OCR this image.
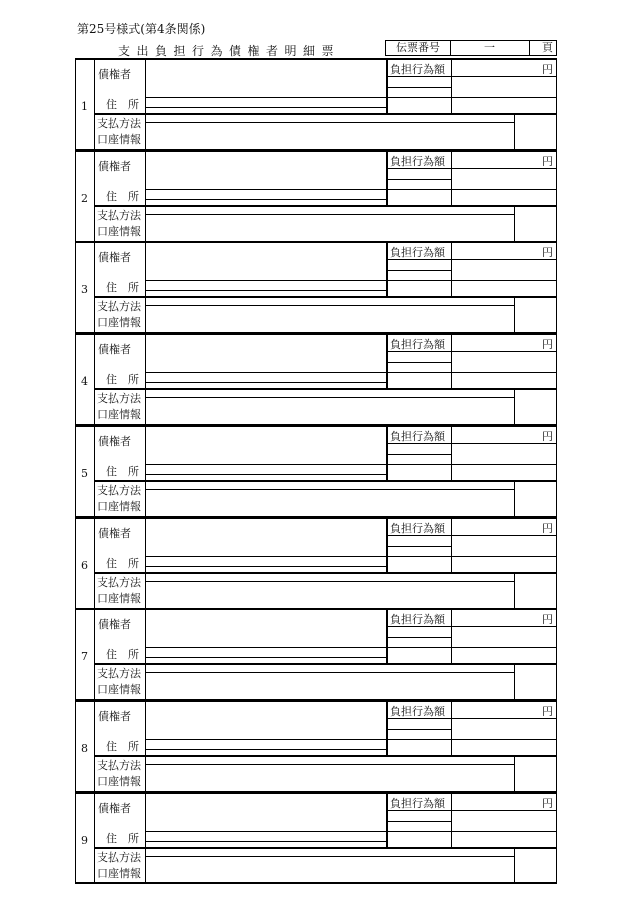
第25号様式(第4条関係)
支出負担行為債権者明細票	伝票番号	一	頁
1
債権者
住　所
支払方法
口座情報
負担行為額	円
2
債権者
住　所
支払方法
口座情報
負担行為額	円
3
債権者
住　所
支払方法
口座情報
負担行為額	円
4
債権者
住　所
支払方法
口座情報
負担行為額	円
5
債権者
住　所
支払方法
口座情報
負担行為額	円
6
債権者
住　所
支払方法
口座情報
負担行為額	円
7
債権者
住　所
支払方法
口座情報
負担行為額	円
8
債権者
住　所
支払方法
口座情報
負担行為額	円
9
債権者
住　所
支払方法
口座情報
負担行為額	円
